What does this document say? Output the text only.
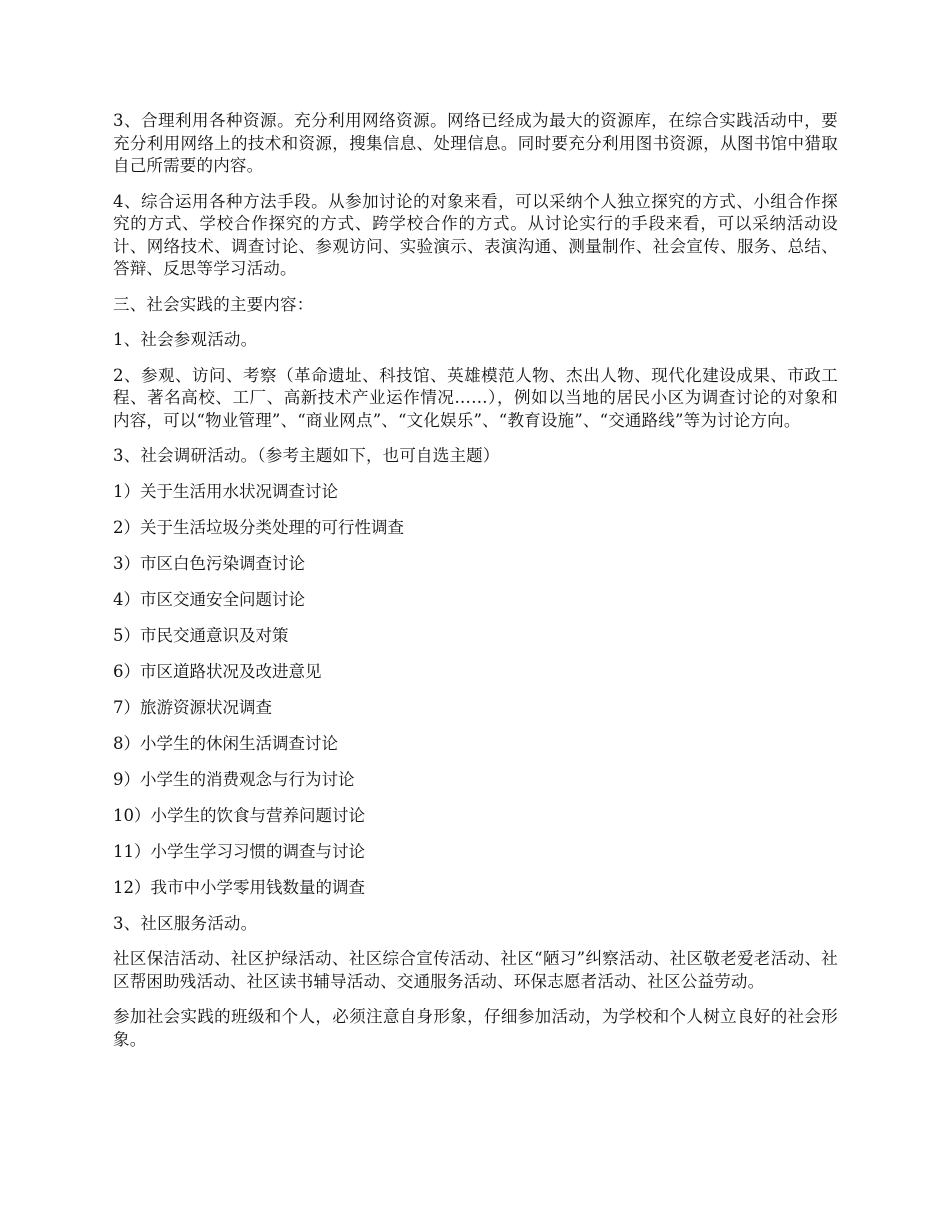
3、合理利用各种资源。充分利用网络资源。网络已经成为最大的资源库，在综合实践活动中，要充分利用网络上的技术和资源，搜集信息、处理信息。同时要充分利用图书资源，从图书馆中猎取自己所需要的内容。

4、综合运用各种方法手段。从参加讨论的对象来看，可以采纳个人独立探究的方式、小组合作探究的方式、学校合作探究的方式、跨学校合作的方式。从讨论实行的手段来看，可以采纳活动设计、网络技术、调查讨论、参观访问、实验演示、表演沟通、测量制作、社会宣传、服务、总结、答辩、反思等学习活动。

三、社会实践的主要内容：

1、社会参观活动。

2、参观、访问、考察（革命遗址、科技馆、英雄模范人物、杰出人物、现代化建设成果、市政工程、著名高校、工厂、高新技术产业运作情况……），例如以当地的居民小区为调查讨论的对象和内容，可以“物业管理”、“商业网点”、“文化娱乐”、“教育设施”、“交通路线”等为讨论方向。

3、社会调研活动。（参考主题如下，也可自选主题）

1）关于生活用水状况调查讨论

2）关于生活垃圾分类处理的可行性调查

3）市区白色污染调查讨论

4）市区交通安全问题讨论

5）市民交通意识及对策

6）市区道路状况及改进意见

7）旅游资源状况调查

8）小学生的休闲生活调查讨论

9）小学生的消费观念与行为讨论

10）小学生的饮食与营养问题讨论

11）小学生学习习惯的调查与讨论

12）我市中小学零用钱数量的调查

3、社区服务活动。

社区保洁活动、社区护绿活动、社区综合宣传活动、社区“陋习”纠察活动、社区敬老爱老活动、社区帮困助残活动、社区读书辅导活动、交通服务活动、环保志愿者活动、社区公益劳动。

参加社会实践的班级和个人，必须注意自身形象，仔细参加活动，为学校和个人树立良好的社会形象。
